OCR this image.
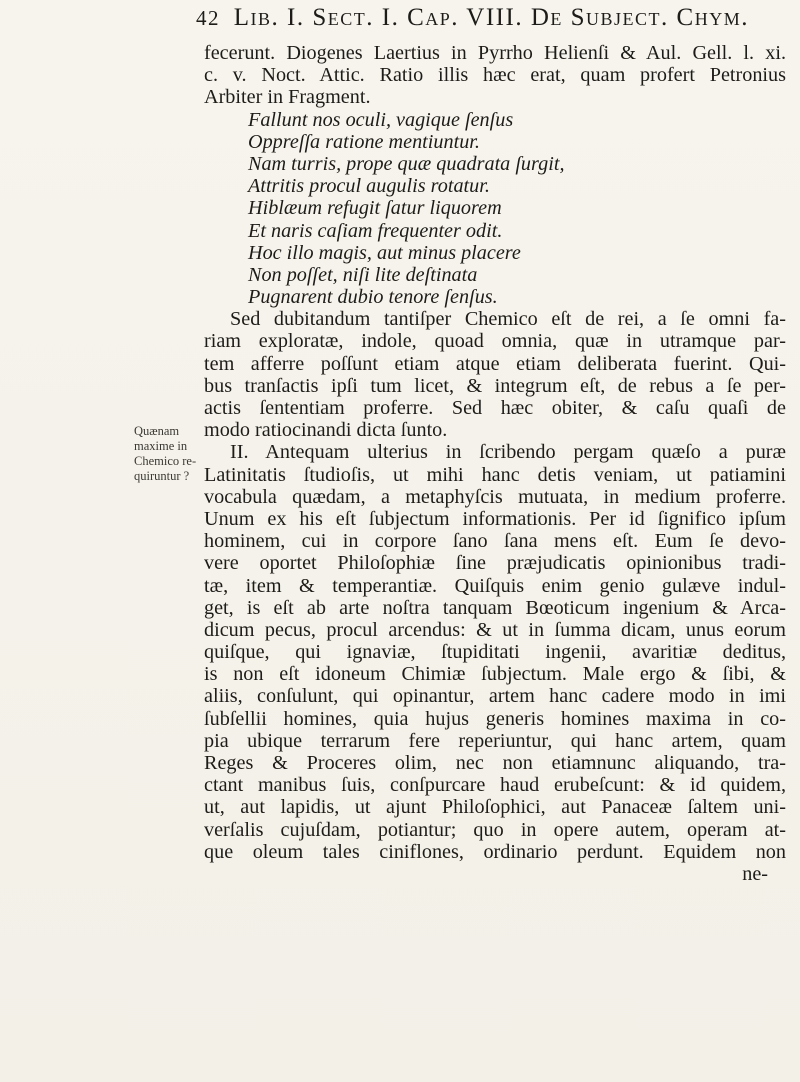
42 Lib. I. Sect. I. Cap. VIII. De Subject. Chym.
Quænam
maxime in
Chemico re-
quiruntur ?
fecerunt. Diogenes Laertius in Pyrrho Helienſi & Aul. Gell. l. xi.
c. v. Noct. Attic. Ratio illis hæc erat, quam profert Petronius
Arbiter in Fragment.
Fallunt nos oculi, vagique ſenſus
Oppreſſa ratione mentiuntur.
Nam turris, prope quæ quadrata ſurgit,
Attritis procul augulis rotatur.
Hiblæum refugit ſatur liquorem
Et naris caſiam frequenter odit.
Hoc illo magis, aut minus placere
Non poſſet, niſi lite deſtinata
Pugnarent dubio tenore ſenſus.
Sed dubitandum tantiſper Chemico eſt de rei, a ſe omni fa-
riam exploratæ, indole, quoad omnia, quæ in utramque par-
tem afferre poſſunt etiam atque etiam deliberata fuerint. Qui-
bus tranſactis ipſi tum licet, & integrum eſt, de rebus a ſe per-
actis ſententiam proferre. Sed hæc obiter, & caſu quaſi de
modo ratiocinandi dicta ſunto.
II. Antequam ulterius in ſcribendo pergam quæſo a puræ
Latinitatis ſtudioſis, ut mihi hanc detis veniam, ut patiamini
vocabula quædam, a metaphyſcis mutuata, in medium proferre.
Unum ex his eſt ſubjectum informationis. Per id ſignifico ipſum
hominem, cui in corpore ſano ſana mens eſt. Eum ſe devo-
vere oportet Philoſophiæ ſine præjudicatis opinionibus tradi-
tæ, item & temperantiæ. Quiſquis enim genio gulæve indul-
get, is eſt ab arte noſtra tanquam Bœoticum ingenium & Arca-
dicum pecus, procul arcendus: & ut in ſumma dicam, unus eorum
quiſque, qui ignaviæ, ſtupiditati ingenii, avaritiæ deditus,
is non eſt idoneum Chimiæ ſubjectum. Male ergo & ſibi, &
aliis, conſulunt, qui opinantur, artem hanc cadere modo in imi
ſubſellii homines, quia hujus generis homines maxima in co-
pia ubique terrarum fere reperiuntur, qui hanc artem, quam
Reges & Proceres olim, nec non etiamnunc aliquando, tra-
ctant manibus ſuis, conſpurcare haud erubeſcunt: & id quidem,
ut, aut lapidis, ut ajunt Philoſophici, aut Panaceæ ſaltem uni-
verſalis cujuſdam, potiantur; quo in opere autem, operam at-
que oleum tales ciniflones, ordinario perdunt. Equidem non
ne-
